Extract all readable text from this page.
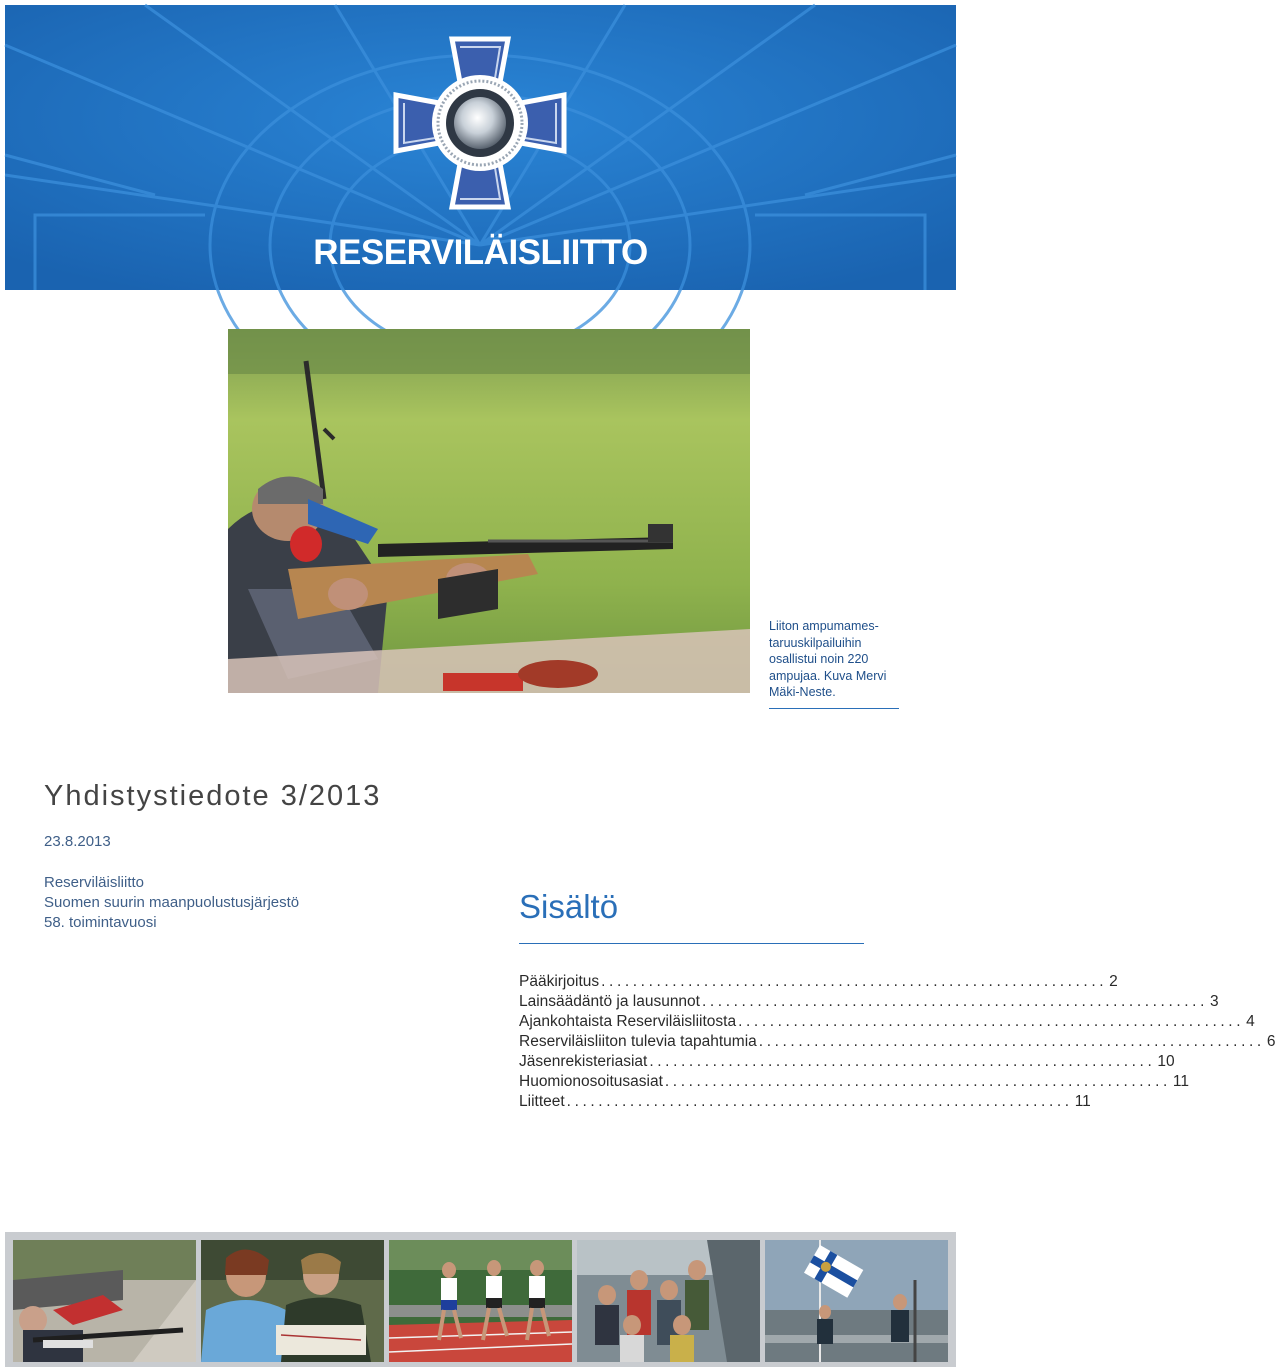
RESERVILÄISLIITTO
Liiton ampumames-taruuskilpailuihin osallistui noin 220 ampujaa. Kuva Mervi Mäki-Neste.
Yhdistystiedote 3/2013
23.8.2013
Reserviläisliitto
Suomen suurin maanpuolustusjärjestö
58. toimintavuosi	Sisältö
Pääkirjoitus ................................................................ 2
Lainsäädäntö ja lausunnot ................................................................ 3
Ajankohtaista Reserviläisliitosta ................................................................ 4
Reserviläisliiton tulevia tapahtumia ................................................................ 6
Jäsenrekisteriasiat ................................................................ 10
Huomionosoitusasiat ................................................................ 11
Liitteet ................................................................ 11
